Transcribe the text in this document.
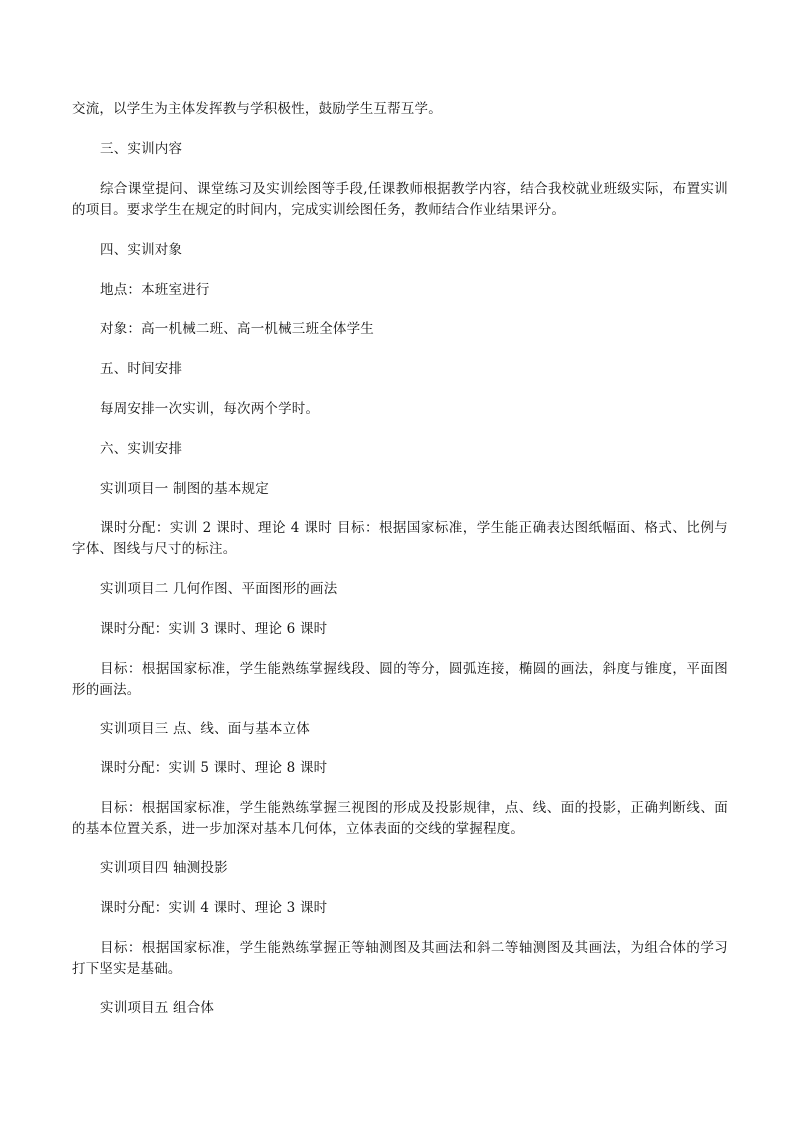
交流，以学生为主体发挥教与学积极性，鼓励学生互帮互学。

三、实训内容

综合课堂提问、课堂练习及实训绘图等手段,任课教师根据教学内容，结合我校就业班级实际，布置实训的项目。要求学生在规定的时间内，完成实训绘图任务，教师结合作业结果评分。

四、实训对象

地点：本班室进行

对象：高一机械二班、高一机械三班全体学生

五、时间安排

每周安排一次实训，每次两个学时。

六、实训安排

实训项目一 制图的基本规定

课时分配：实训 2 课时、理论 4 课时 目标：根据国家标准，学生能正确表达图纸幅面、格式、比例与字体、图线与尺寸的标注。

实训项目二 几何作图、平面图形的画法

课时分配：实训 3 课时、理论 6 课时

目标：根据国家标准，学生能熟练掌握线段、圆的等分，圆弧连接，椭圆的画法，斜度与锥度，平面图形的画法。

实训项目三 点、线、面与基本立体

课时分配：实训 5 课时、理论 8 课时

目标：根据国家标准，学生能熟练掌握三视图的形成及投影规律，点、线、面的投影，正确判断线、面的基本位置关系，进一步加深对基本几何体，立体表面的交线的掌握程度。

实训项目四 轴测投影

课时分配：实训 4 课时、理论 3 课时

目标：根据国家标准，学生能熟练掌握正等轴测图及其画法和斜二等轴测图及其画法，为组合体的学习打下坚实是基础。

实训项目五 组合体
